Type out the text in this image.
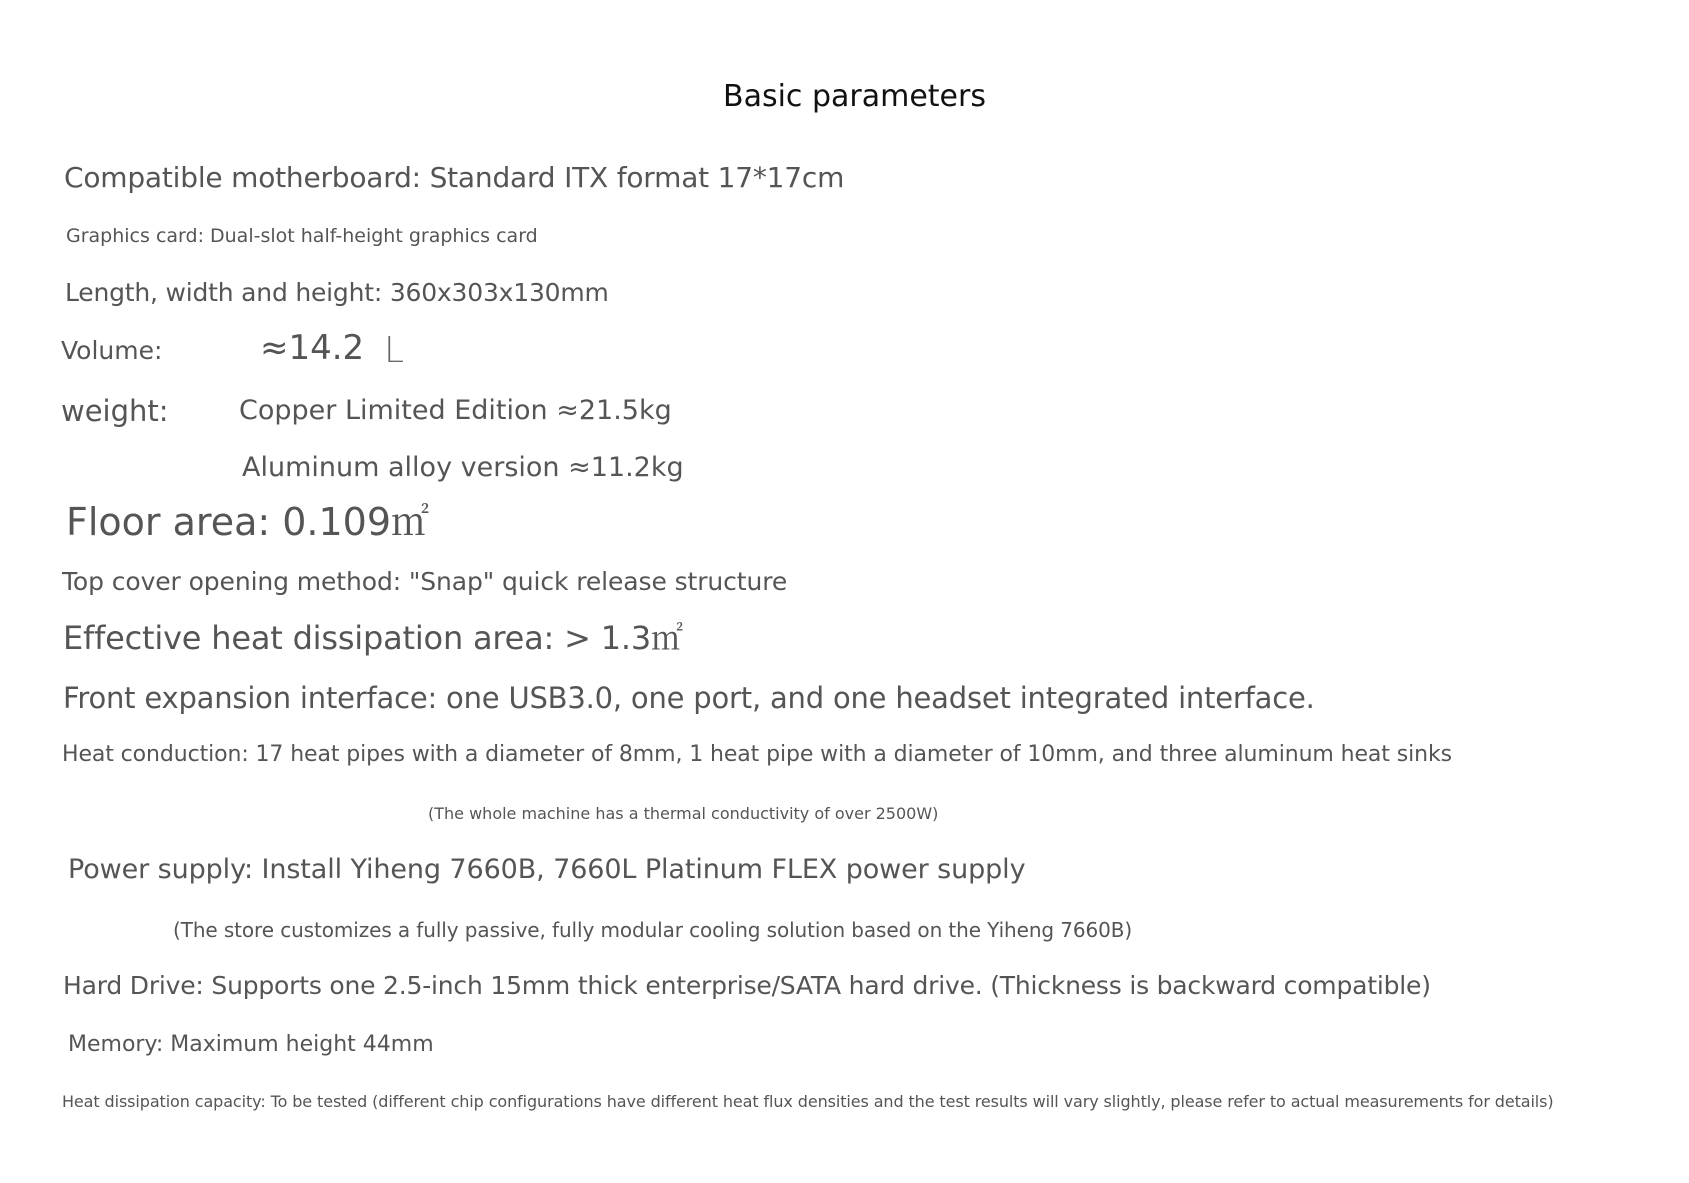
Basic parameters
Compatible motherboard: Standard ITX format 17*17cm
Graphics card: Dual-slot half-height graphics card
Length, width and height: 360x303x130mm
Volume:	≈14.2 L
weight:	Copper Limited Edition ≈21.5kg
Aluminum alloy version ≈11.2kg
Floor area: 0.109㎡
Top cover opening method: "Snap" quick release structure
Effective heat dissipation area: > 1.3㎡
Front expansion interface: one USB3.0, one port, and one headset integrated interface.
Heat conduction: 17 heat pipes with a diameter of 8mm, 1 heat pipe with a diameter of 10mm, and three aluminum heat sinks
(The whole machine has a thermal conductivity of over 2500W)
Power supply: Install Yiheng 7660B, 7660L Platinum FLEX power supply
(The store customizes a fully passive, fully modular cooling solution based on the Yiheng 7660B)
Hard Drive: Supports one 2.5-inch 15mm thick enterprise/SATA hard drive. (Thickness is backward compatible)
Memory: Maximum height 44mm
Heat dissipation capacity: To be tested (different chip configurations have different heat flux densities and the test results will vary slightly, please refer to actual measurements for details)
